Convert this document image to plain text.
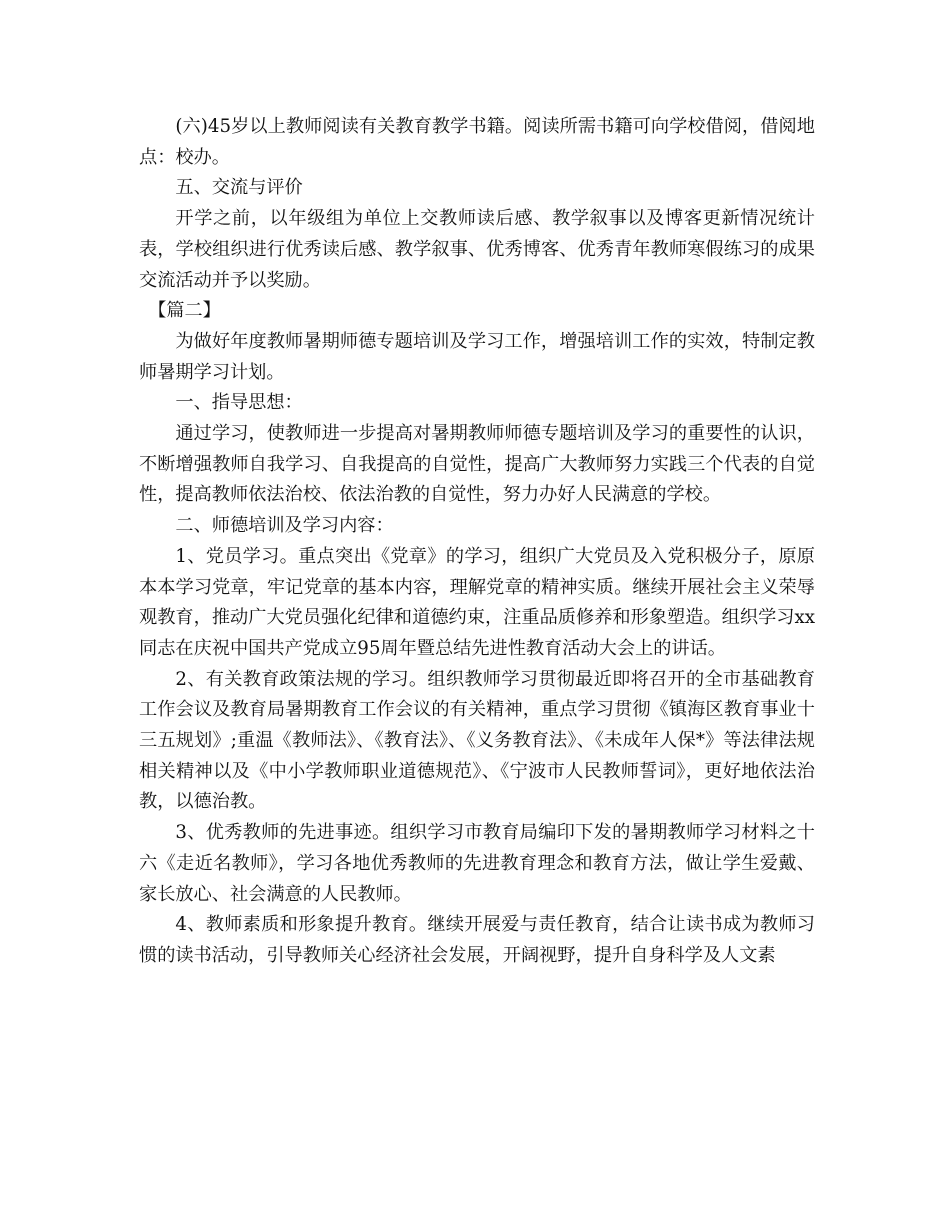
(六)45岁以上教师阅读有关教育教学书籍。阅读所需书籍可向学校借阅，借阅地点：校办。

五、交流与评价

开学之前，以年级组为单位上交教师读后感、教学叙事以及博客更新情况统计表，学校组织进行优秀读后感、教学叙事、优秀博客、优秀青年教师寒假练习的成果交流活动并予以奖励。

【篇二】

为做好年度教师暑期师德专题培训及学习工作，增强培训工作的实效，特制定教师暑期学习计划。

一、指导思想：

通过学习，使教师进一步提高对暑期教师师德专题培训及学习的重要性的认识，不断增强教师自我学习、自我提高的自觉性，提高广大教师努力实践三个代表的自觉性，提高教师依法治校、依法治教的自觉性，努力办好人民满意的学校。

二、师德培训及学习内容：

1、党员学习。重点突出《党章》的学习，组织广大党员及入党积极分子，原原本本学习党章，牢记党章的基本内容，理解党章的精神实质。继续开展社会主义荣辱观教育，推动广大党员强化纪律和道德约束，注重品质修养和形象塑造。组织学习xx同志在庆祝中国共产党成立95周年暨总结先进性教育活动大会上的讲话。

2、有关教育政策法规的学习。组织教师学习贯彻最近即将召开的全市基础教育工作会议及教育局暑期教育工作会议的有关精神，重点学习贯彻《镇海区教育事业十三五规划》;重温《教师法》、《教育法》、《义务教育法》、《未成年人保*》等法律法规相关精神以及《中小学教师职业道德规范》、《宁波市人民教师誓词》，更好地依法治教，以德治教。

3、优秀教师的先进事迹。组织学习市教育局编印下发的暑期教师学习材料之十六《走近名教师》，学习各地优秀教师的先进教育理念和教育方法，做让学生爱戴、家长放心、社会满意的人民教师。

4、教师素质和形象提升教育。继续开展爱与责任教育，结合让读书成为教师习惯的读书活动，引导教师关心经济社会发展，开阔视野，提升自身科学及人文素
